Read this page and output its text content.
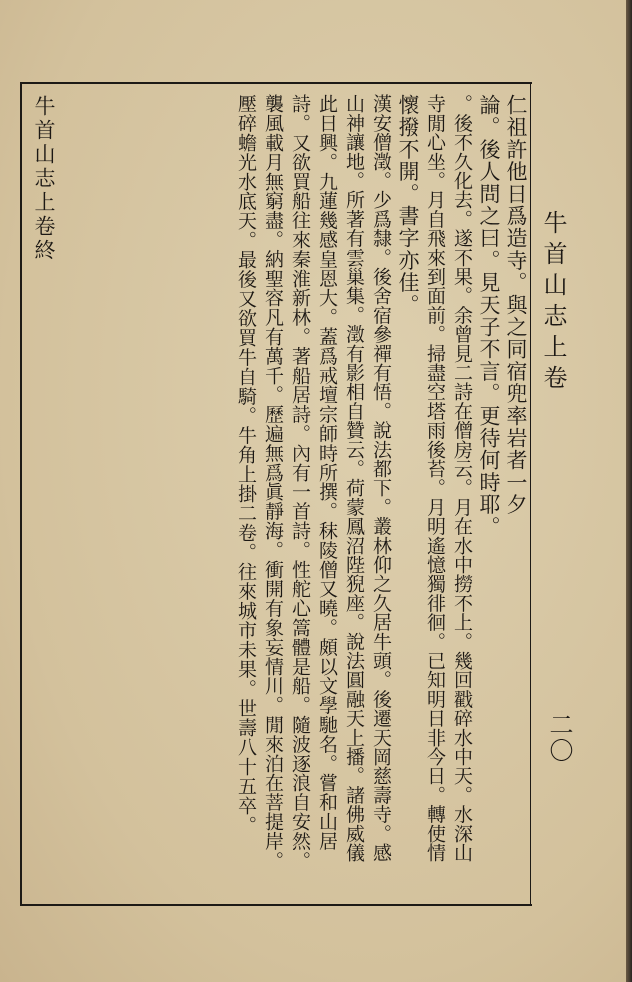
牛首山志上卷
二〇
仁祖許他日爲造寺。與之同宿兜率岩者一夕
論。後人問之曰。見天子不言。更待何時耶。
。後不久化去。遂不果。余曾見二詩在僧房云。月在水中撈不上。幾回戳碎水中天。水深山
寺閒心坐。月自飛來到面前。掃盡空塔雨後苔。月明遙憶獨徘徊。已知明日非今日。轉使情
懷撥不開。書字亦佳。
漢安僧澂。少爲隸。後舍宿參禪有悟。說法都下。叢林仰之久居牛頭。後遷天岡慈壽寺。感
山神讓地。所著有雲巢集。澂有影相自贊云。荷蒙鳳沼陛猊座。說法圓融天上播。諸佛威儀
此日興。九蓮幾感皇恩大。蓋爲戒壇宗師時所撰。秣陵僧又曉。頗以文學馳名。嘗和山居
詩。又欲買船往來秦淮新林。著船居詩。內有一首詩。性舵心篙體是船。隨波逐浪自安然。
襲風載月無窮盡。納聖容凡有萬千。歷遍無爲眞靜海。衝開有象妄情川。閒來泊在菩提岸。
壓碎蟾光水底天。最後又欲買牛自騎。牛角上掛二卷。往來城市未果。世壽八十五卒。
牛首山志上卷終
